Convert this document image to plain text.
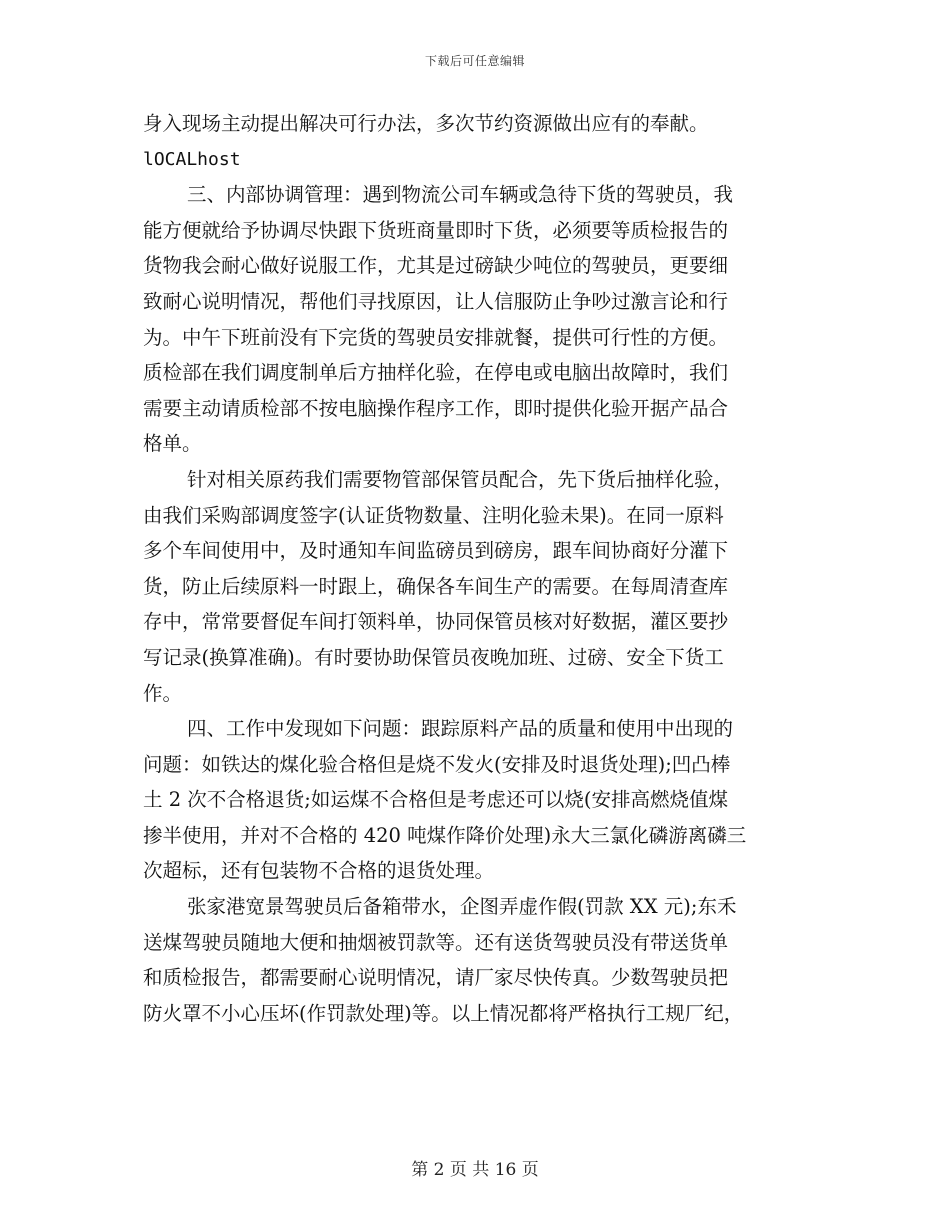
下载后可任意编辑
身入现场主动提出解决可行办法，多次节约资源做出应有的奉献。
lOCALhost
三、内部协调管理：遇到物流公司车辆或急待下货的驾驶员，我
能方便就给予协调尽快跟下货班商量即时下货，必须要等质检报告的
货物我会耐心做好说服工作，尤其是过磅缺少吨位的驾驶员，更要细
致耐心说明情况，帮他们寻找原因，让人信服防止争吵过激言论和行
为。中午下班前没有下完货的驾驶员安排就餐，提供可行性的方便。
质检部在我们调度制单后方抽样化验，在停电或电脑出故障时，我们
需要主动请质检部不按电脑操作程序工作，即时提供化验开据产品合
格单。
针对相关原药我们需要物管部保管员配合，先下货后抽样化验，
由我们采购部调度签字(认证货物数量、注明化验未果)。在同一原料
多个车间使用中，及时通知车间监磅员到磅房，跟车间协商好分灌下
货，防止后续原料一时跟上，确保各车间生产的需要。在每周清查库
存中，常常要督促车间打领料单，协同保管员核对好数据，灌区要抄
写记录(换算准确)。有时要协助保管员夜晚加班、过磅、安全下货工
作。
四、工作中发现如下问题：跟踪原料产品的质量和使用中出现的
问题：如铁达的煤化验合格但是烧不发火(安排及时退货处理);凹凸棒
土 2 次不合格退货;如运煤不合格但是考虑还可以烧(安排高燃烧值煤
掺半使用，并对不合格的 420 吨煤作降价处理)永大三氯化磷游离磷三
次超标，还有包装物不合格的退货处理。
张家港宽景驾驶员后备箱带水，企图弄虚作假(罚款 XX 元);东禾
送煤驾驶员随地大便和抽烟被罚款等。还有送货驾驶员没有带送货单
和质检报告，都需要耐心说明情况，请厂家尽快传真。少数驾驶员把
防火罩不小心压坏(作罚款处理)等。以上情况都将严格执行工规厂纪，
第 2 页 共 16 页
